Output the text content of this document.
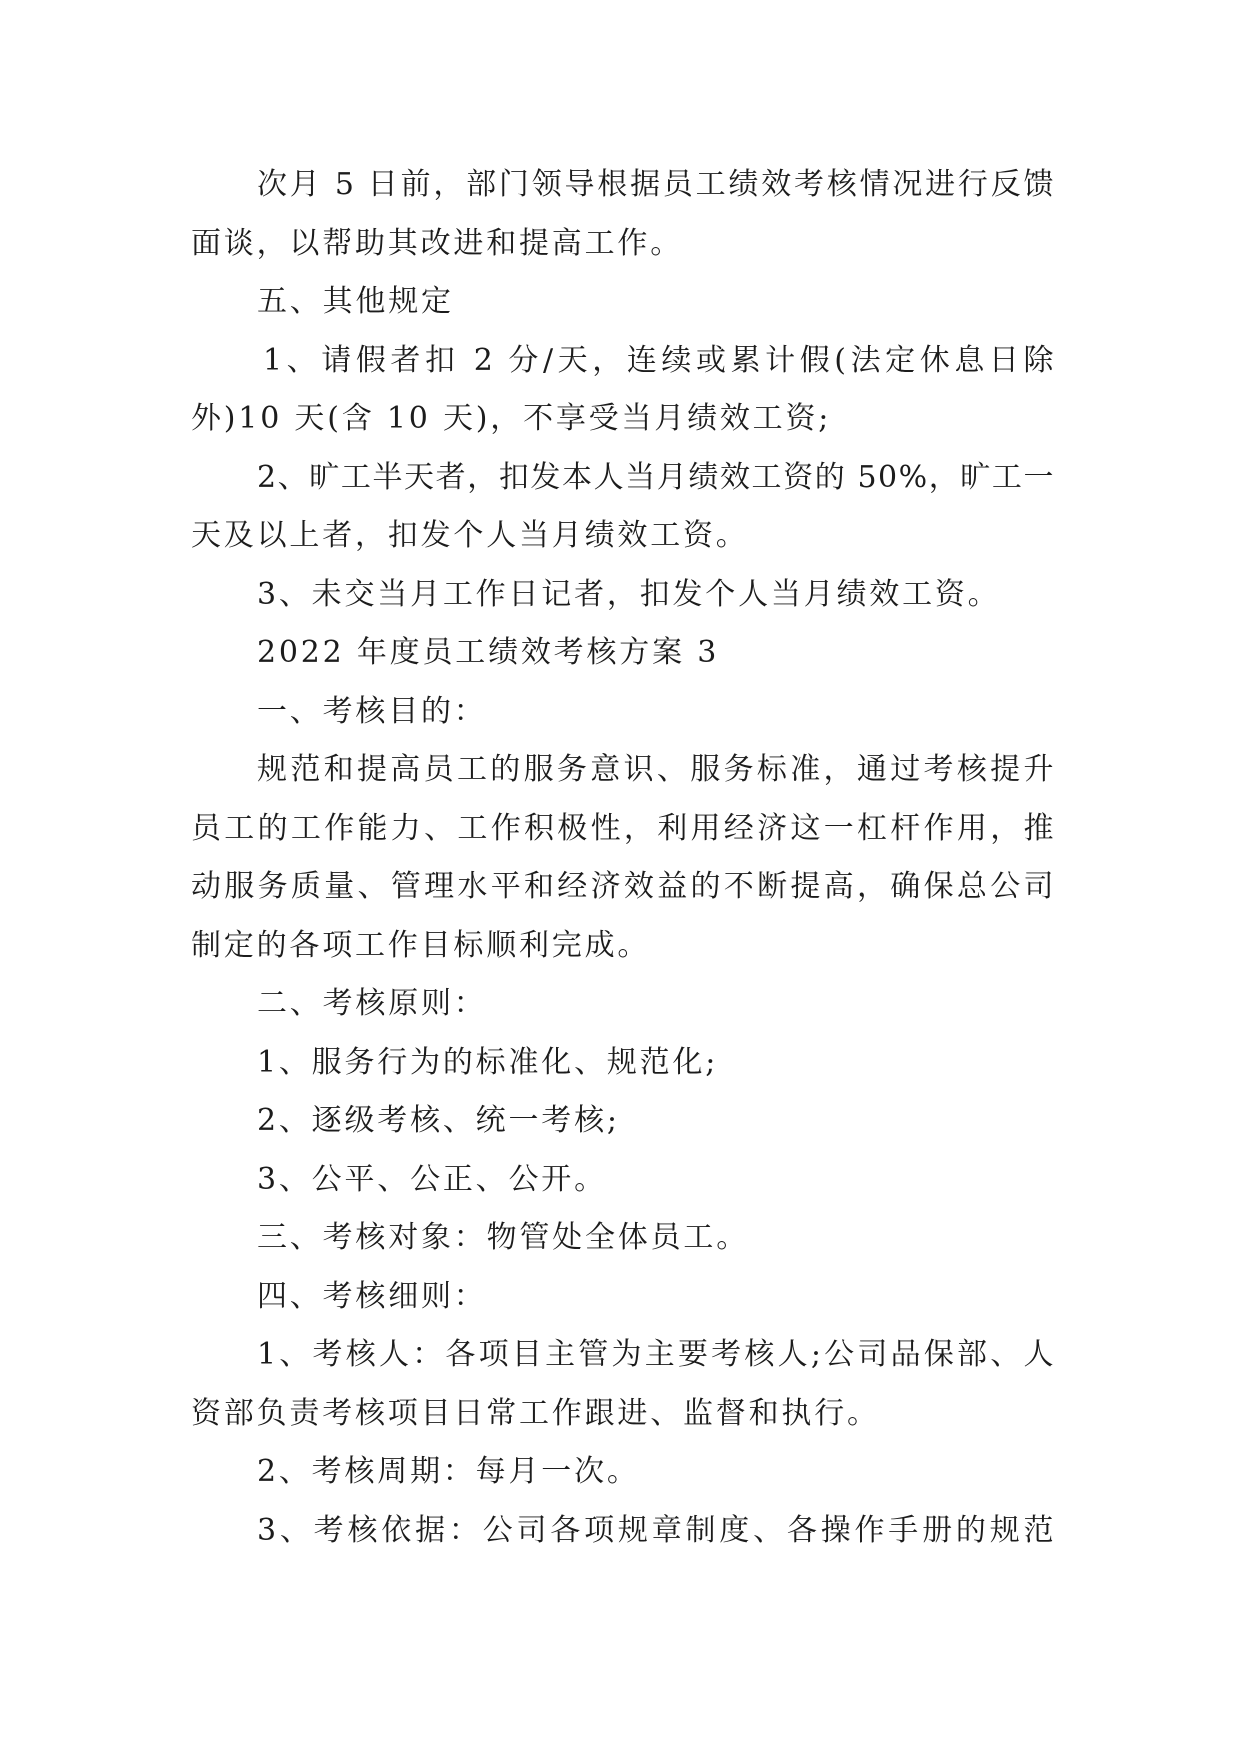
次月 5 日前，部门领导根据员工绩效考核情况进行反馈
面谈，以帮助其改进和提高工作。
五、其他规定
1、请假者扣 2 分/天，连续或累计假(法定休息日除
外)10 天(含 10 天)，不享受当月绩效工资;
2、旷工半天者，扣发本人当月绩效工资的 50%，旷工一
天及以上者，扣发个人当月绩效工资。
3、未交当月工作日记者，扣发个人当月绩效工资。
2022 年度员工绩效考核方案 3
一、考核目的：
规范和提高员工的服务意识、服务标准，通过考核提升
员工的工作能力、工作积极性，利用经济这一杠杆作用，推
动服务质量、管理水平和经济效益的不断提高，确保总公司
制定的各项工作目标顺利完成。
二、考核原则：
1、服务行为的标准化、规范化;
2、逐级考核、统一考核;
3、公平、公正、公开。
三、考核对象：物管处全体员工。
四、考核细则：
1、考核人：各项目主管为主要考核人;公司品保部、人
资部负责考核项目日常工作跟进、监督和执行。
2、考核周期：每月一次。
3、考核依据：公司各项规章制度、各操作手册的规范
